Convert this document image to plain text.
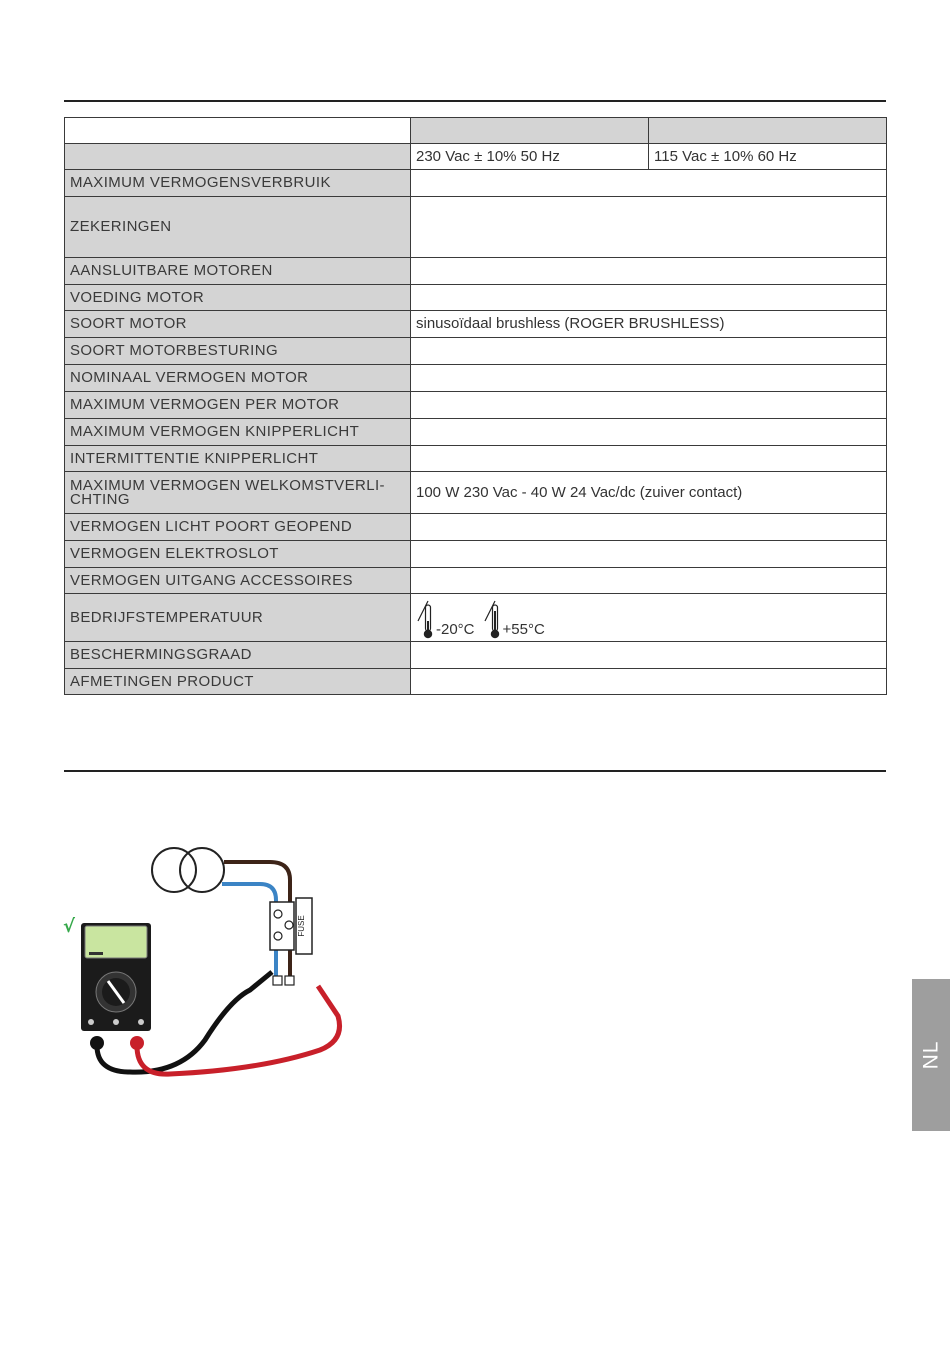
	230 Vac ± 10% 50 Hz	115 Vac ± 10% 60 Hz
MAXIMUM VERMOGENSVERBRUIK		
ZEKERINGEN		
AANSLUITBARE MOTOREN		
VOEDING MOTOR		
SOORT MOTOR	sinusoïdaal brushless (ROGER BRUSHLESS)	
SOORT MOTORBESTURING		
NOMINAAL VERMOGEN MOTOR		
MAXIMUM VERMOGEN PER MOTOR		
MAXIMUM VERMOGEN KNIPPERLICHT		
INTERMITTENTIE KNIPPERLICHT		
MAXIMUM VERMOGEN WELKOMSTVERLI-
CHTING	100 W 230 Vac - 40 W 24 Vac/dc (zuiver contact)	
VERMOGEN LICHT POORT GEOPEND		
VERMOGEN ELEKTROSLOT		
VERMOGEN UITGANG ACCESSOIRES		
BEDRIJFSTEMPERATUUR	-20°C +55°C	

BESCHERMINGSGRAAD		
AFMETINGEN PRODUCT		
FUSE
√
NL
